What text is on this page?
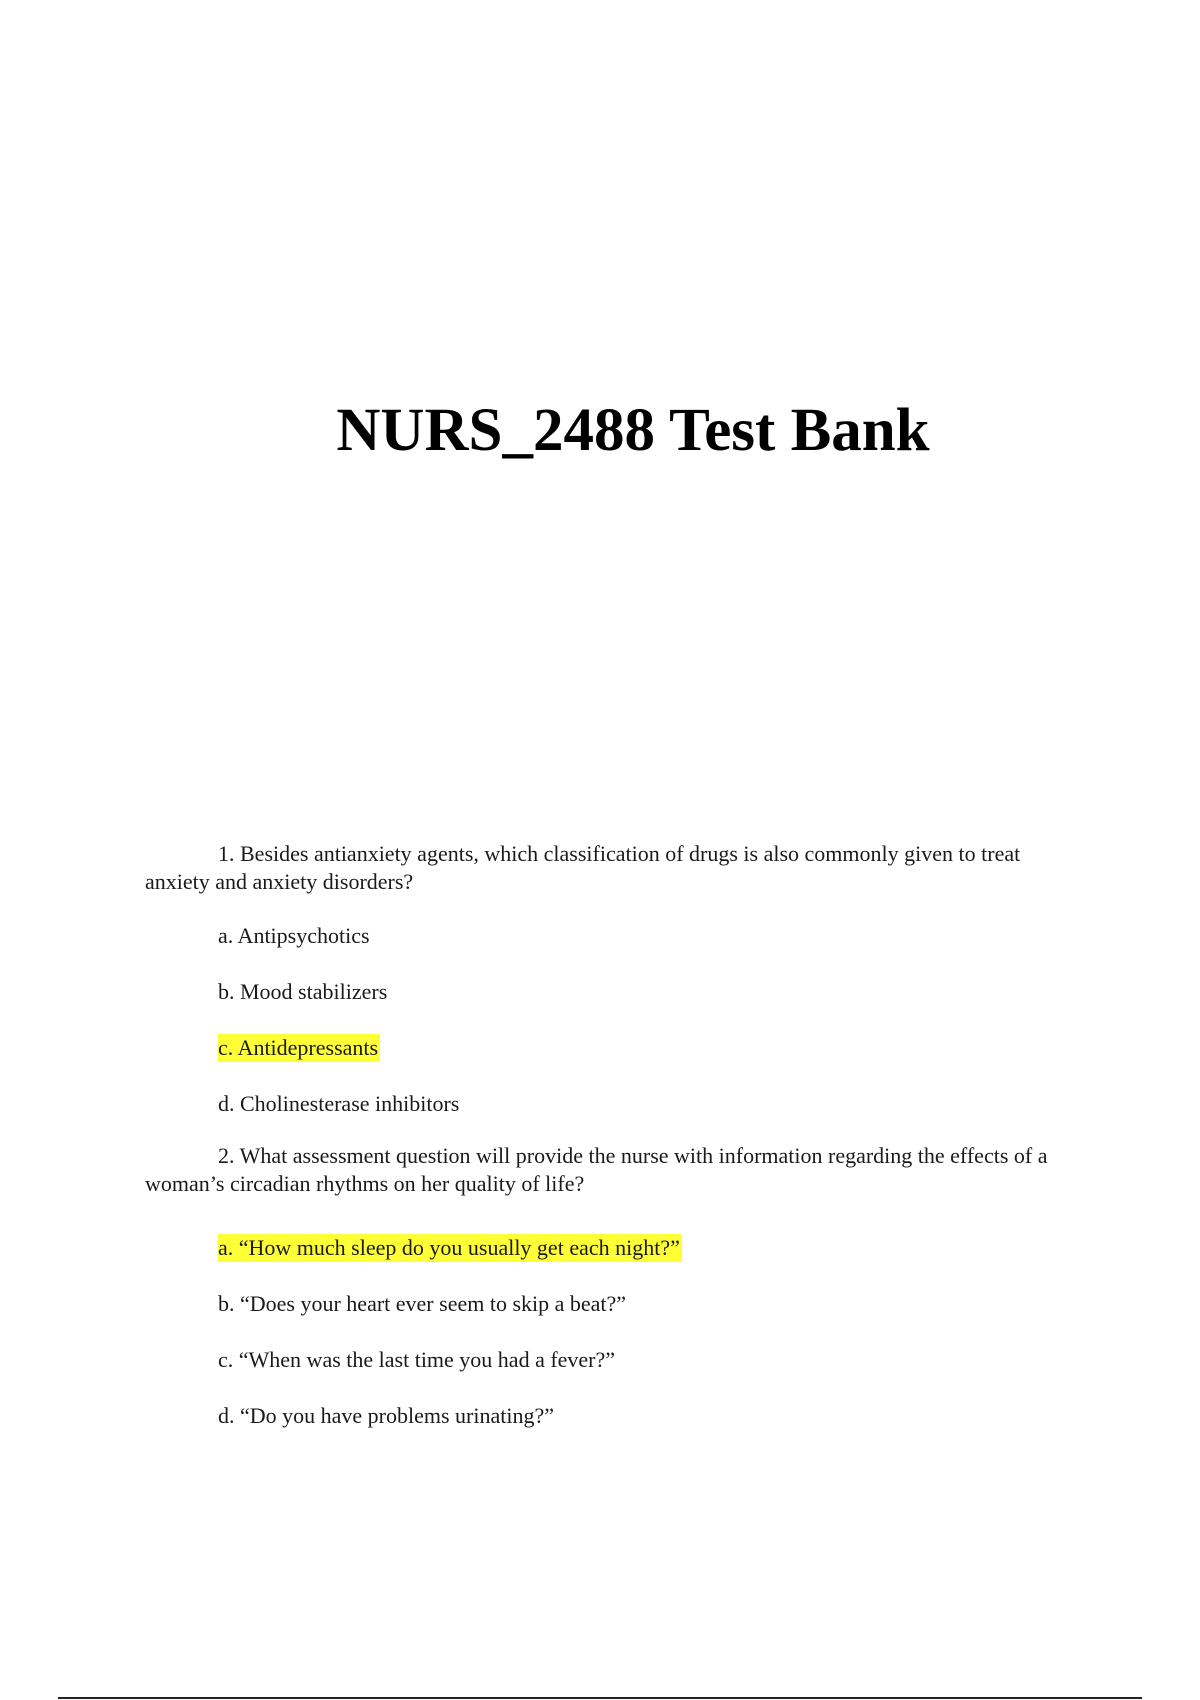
NURS_2488 Test Bank

1. Besides antianxiety agents, which classification of drugs is also commonly given to treat anxiety and anxiety disorders?

a. Antipsychotics
b. Mood stabilizers
c. Antidepressants
d. Cholinesterase inhibitors

2. What assessment question will provide the nurse with information regarding the effects of a woman’s circadian rhythms on her quality of life?

a. “How much sleep do you usually get each night?”
b. “Does your heart ever seem to skip a beat?”
c. “When was the last time you had a fever?”
d. “Do you have problems urinating?”
